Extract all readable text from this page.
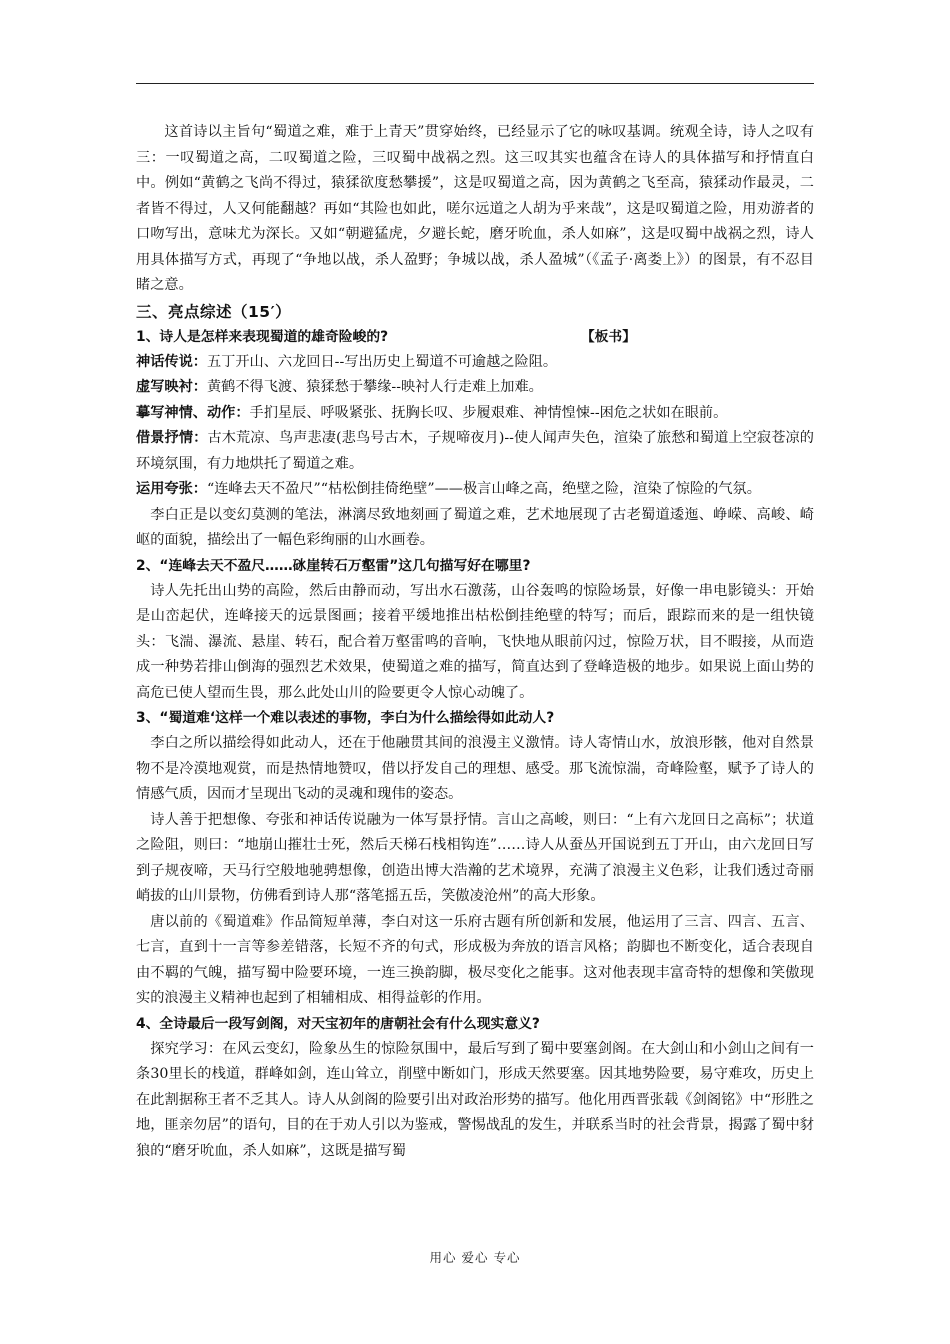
这首诗以主旨句“蜀道之难，难于上青天”贯穿始终，已经显示了它的咏叹基调。统观全诗，诗人之叹有三：一叹蜀道之高，二叹蜀道之险，三叹蜀中战祸之烈。这三叹其实也蕴含在诗人的具体描写和抒情直白中。例如“黄鹤之飞尚不得过，猿猱欲度愁攀援”，这是叹蜀道之高，因为黄鹤之飞至高，猿猱动作最灵，二者皆不得过，人又何能翻越？再如“其险也如此，嗟尔远道之人胡为乎来哉”，这是叹蜀道之险，用劝游者的口吻写出，意味尤为深长。又如“朝避猛虎，夕避长蛇，磨牙吮血，杀人如麻”，这是叹蜀中战祸之烈，诗人用具体描写方式，再现了“争地以战，杀人盈野；争城以战，杀人盈城”（《孟子·离娄上》）的图景，有不忍目睹之意。

三、亮点综述（15′）

1、诗人是怎样来表现蜀道的雄奇险峻的?	【板书】

神话传说：五丁开山、六龙回日--写出历史上蜀道不可逾越之险阻。

虚写映衬：黄鹤不得飞渡、猿猱愁于攀缘--映衬人行走难上加难。

摹写神情、动作：手扪星辰、呼吸紧张、抚胸长叹、步履艰难、神情惶悚--困危之状如在眼前。

借景抒情：古木荒凉、鸟声悲凄(悲鸟号古木，子规啼夜月)--使人闻声失色，渲染了旅愁和蜀道上空寂苍凉的环境氛围，有力地烘托了蜀道之难。

运用夸张：“连峰去天不盈尺”“枯松倒挂倚绝壁”——极言山峰之高，绝壁之险，渲染了惊险的气氛。

李白正是以变幻莫测的笔法，淋漓尽致地刻画了蜀道之难，艺术地展现了古老蜀道逶迤、峥嵘、高峻、崎岖的面貌，描绘出了一幅色彩绚丽的山水画卷。

2、“连峰去天不盈尺……砯崖转石万壑雷”这几句描写好在哪里?

诗人先托出山势的高险，然后由静而动，写出水石激荡，山谷轰鸣的惊险场景，好像一串电影镜头：开始是山峦起伏，连峰接天的远景图画；接着平缓地推出枯松倒挂绝壁的特写；而后，跟踪而来的是一组快镜头：飞湍、瀑流、悬崖、转石，配合着万壑雷鸣的音响，飞快地从眼前闪过，惊险万状，目不暇接，从而造成一种势若排山倒海的强烈艺术效果，使蜀道之难的描写，简直达到了登峰造极的地步。如果说上面山势的高危已使人望而生畏，那么此处山川的险要更令人惊心动魄了。

3、“蜀道难‘这样一个难以表述的事物，李白为什么描绘得如此动人?

李白之所以描绘得如此动人，还在于他融贯其间的浪漫主义激情。诗人寄情山水，放浪形骸，他对自然景物不是冷漠地观赏，而是热情地赞叹，借以抒发自己的理想、感受。那飞流惊湍，奇峰险壑，赋予了诗人的情感气质，因而才呈现出飞动的灵魂和瑰伟的姿态。

诗人善于把想像、夸张和神话传说融为一体写景抒情。言山之高峻，则曰：“上有六龙回日之高标”；状道之险阻，则曰：“地崩山摧壮士死，然后天梯石栈相钩连”……诗人从蚕丛开国说到五丁开山，由六龙回日写到子规夜啼，天马行空般地驰骋想像，创造出博大浩瀚的艺术境界，充满了浪漫主义色彩，让我们透过奇丽峭拔的山川景物，仿佛看到诗人那“落笔摇五岳，笑傲凌沧州”的高大形象。

唐以前的《蜀道难》作品简短单薄，李白对这一乐府古题有所创新和发展，他运用了三言、四言、五言、七言，直到十一言等参差错落，长短不齐的句式，形成极为奔放的语言风格；韵脚也不断变化，适合表现自由不羁的气魄，描写蜀中险要环境，一连三换韵脚，极尽变化之能事。这对他表现丰富奇特的想像和笑傲现实的浪漫主义精神也起到了相辅相成、相得益彰的作用。

4、全诗最后一段写剑阁，对天宝初年的唐朝社会有什么现实意义?

探究学习：在风云变幻，险象丛生的惊险氛围中，最后写到了蜀中要塞剑阁。在大剑山和小剑山之间有一条30里长的栈道，群峰如剑，连山耸立，削壁中断如门，形成天然要塞。因其地势险要，易守难攻，历史上在此割据称王者不乏其人。诗人从剑阁的险要引出对政治形势的描写。他化用西晋张载《剑阁铭》中“形胜之地，匪亲勿居”的语句，目的在于劝人引以为鉴戒，警惕战乱的发生，并联系当时的社会背景，揭露了蜀中豺狼的“磨牙吮血，杀人如麻”，这既是描写蜀

用心 爱心 专心
